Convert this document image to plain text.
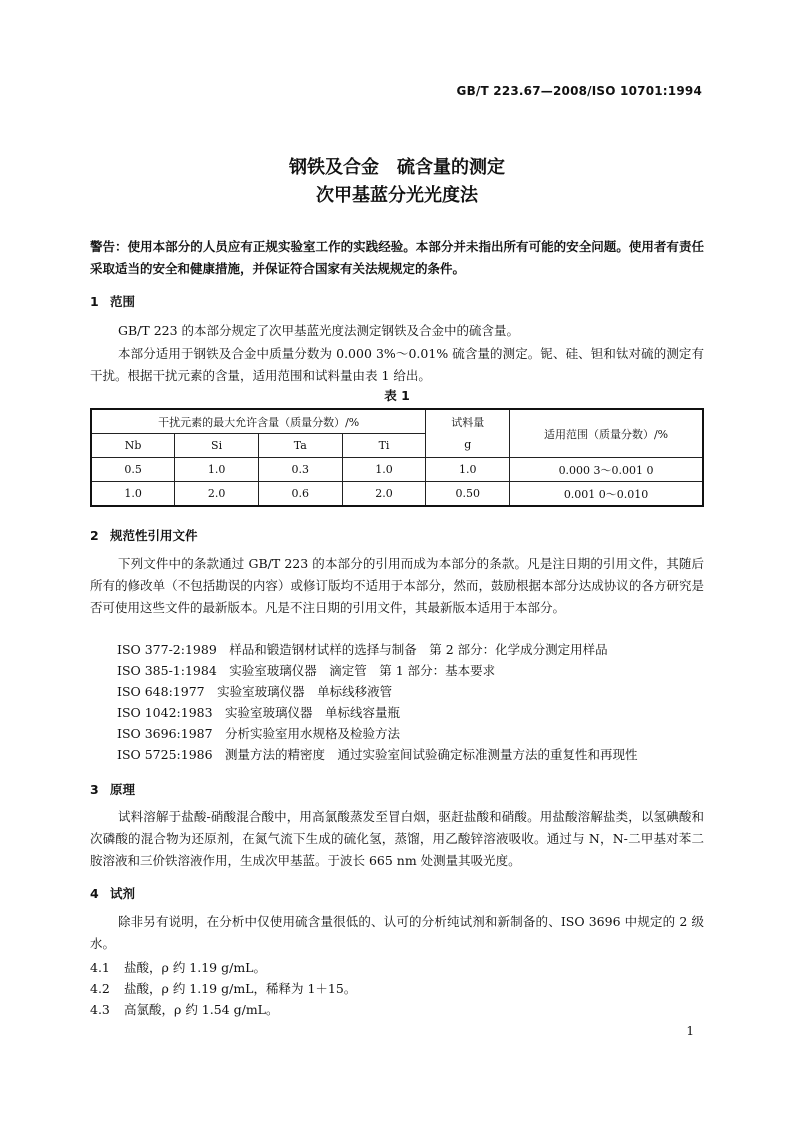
GB/T 223.67—2008/ISO 10701:1994
钢铁及合金　硫含量的测定
次甲基蓝分光光度法
警告：使用本部分的人员应有正规实验室工作的实践经验。本部分并未指出所有可能的安全问题。使用者有责任采取适当的安全和健康措施，并保证符合国家有关法规规定的条件。
1 范围
GB/T 223 的本部分规定了次甲基蓝光度法测定钢铁及合金中的硫含量。
本部分适用于钢铁及合金中质量分数为 0.000 3%～0.01% 硫含量的测定。铌、硅、钽和钛对硫的测定有干扰。根据干扰元素的含量，适用范围和试料量由表 1 给出。
表 1
干扰元素的最大允许含量（质量分数）/%				试料量
g	适用范围（质量分数）/%
Nb	Si	Ta	Ti		
0.5	1.0	0.3	1.0	1.0	0.000 3～0.001 0
1.0	2.0	0.6	2.0	0.50	0.001 0～0.010
2 规范性引用文件
下列文件中的条款通过 GB/T 223 的本部分的引用而成为本部分的条款。凡是注日期的引用文件，其随后所有的修改单（不包括勘误的内容）或修订版均不适用于本部分，然而，鼓励根据本部分达成协议的各方研究是否可使用这些文件的最新版本。凡是不注日期的引用文件，其最新版本适用于本部分。
ISO 377-2:1989　样品和锻造钢材试样的选择与制备　第 2 部分：化学成分测定用样品
ISO 385-1:1984　实验室玻璃仪器　滴定管　第 1 部分：基本要求
ISO 648:1977　实验室玻璃仪器　单标线移液管
ISO 1042:1983　实验室玻璃仪器　单标线容量瓶
ISO 3696:1987　分析实验室用水规格及检验方法
ISO 5725:1986　测量方法的精密度　通过实验室间试验确定标准测量方法的重复性和再现性
3 原理
试料溶解于盐酸-硝酸混合酸中，用高氯酸蒸发至冒白烟，驱赶盐酸和硝酸。用盐酸溶解盐类，以氢碘酸和次磷酸的混合物为还原剂，在氮气流下生成的硫化氢，蒸馏，用乙酸锌溶液吸收。通过与 N，N-二甲基对苯二胺溶液和三价铁溶液作用，生成次甲基蓝。于波长 665 nm 处测量其吸光度。
4 试剂
除非另有说明，在分析中仅使用硫含量很低的、认可的分析纯试剂和新制备的、ISO 3696 中规定的 2 级水。
4.1 盐酸，ρ 约 1.19 g/mL。
4.2 盐酸，ρ 约 1.19 g/mL，稀释为 1＋15。
4.3 高氯酸，ρ 约 1.54 g/mL。
1
